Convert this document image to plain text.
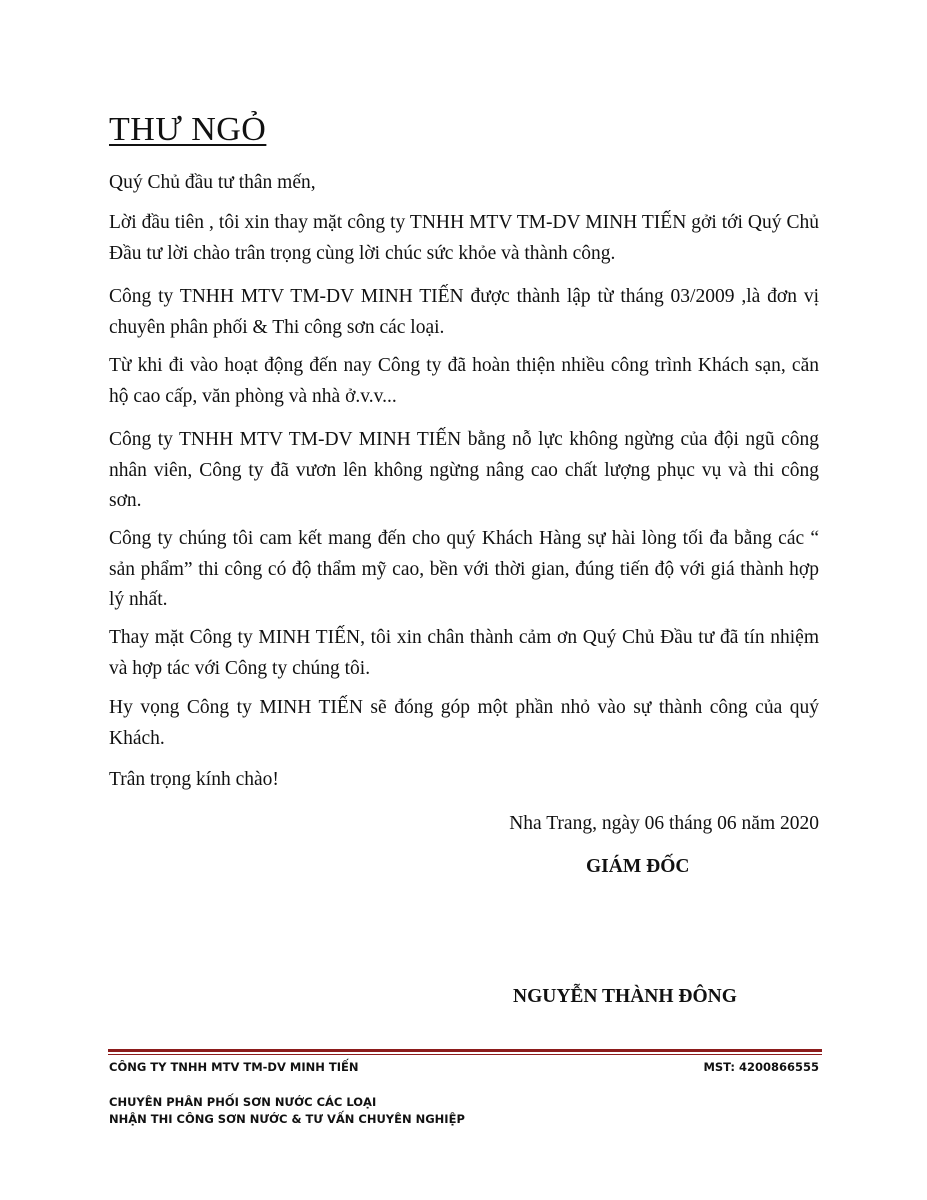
THƯ NGỎ
Quý Chủ đầu tư thân mến,

Lời đầu tiên , tôi xin thay mặt công ty TNHH MTV TM-DV MINH TIẾN gởi tới Quý Chủ Đầu tư lời chào trân trọng cùng lời chúc sức khỏe và thành công.

Công ty TNHH MTV TM-DV MINH TIẾN được thành lập từ tháng 03/2009 ,là đơn vị chuyên phân phối & Thi công sơn các loại.

Từ khi đi vào hoạt động đến nay Công ty đã hoàn thiện nhiều công trình Khách sạn, căn hộ cao cấp, văn phòng và nhà ở.v.v...

Công ty TNHH MTV TM-DV MINH TIẾN bằng nỗ lực không ngừng của đội ngũ công nhân viên, Công ty đã vươn lên không ngừng nâng cao chất lượng phục vụ và thi công sơn.

Công ty chúng tôi cam kết mang đến cho quý Khách Hàng sự hài lòng tối đa bằng các “ sản phẩm” thi công có độ thẩm mỹ cao, bền với thời gian, đúng tiến độ với giá thành hợp lý nhất.

Thay mặt Công ty MINH TIẾN, tôi xin chân thành cảm ơn Quý Chủ Đầu tư đã tín nhiệm và hợp tác với Công ty chúng tôi.

Hy vọng Công ty MINH TIẾN sẽ đóng góp một phần nhỏ vào sự thành công của quý Khách.

Trân trọng kính chào!
Nha Trang, ngày 06 tháng 06 năm 2020
GIÁM ĐỐC
NGUYỄN THÀNH ĐÔNG
CÔNG TY TNHH MTV TM-DV MINH TIẾN	MST: 4200866555
CHUYÊN PHÂN PHỐI SƠN NƯỚC CÁC LOẠI
NHẬN THI CÔNG SƠN NƯỚC & TƯ VẤN CHUYÊN NGHIỆP
